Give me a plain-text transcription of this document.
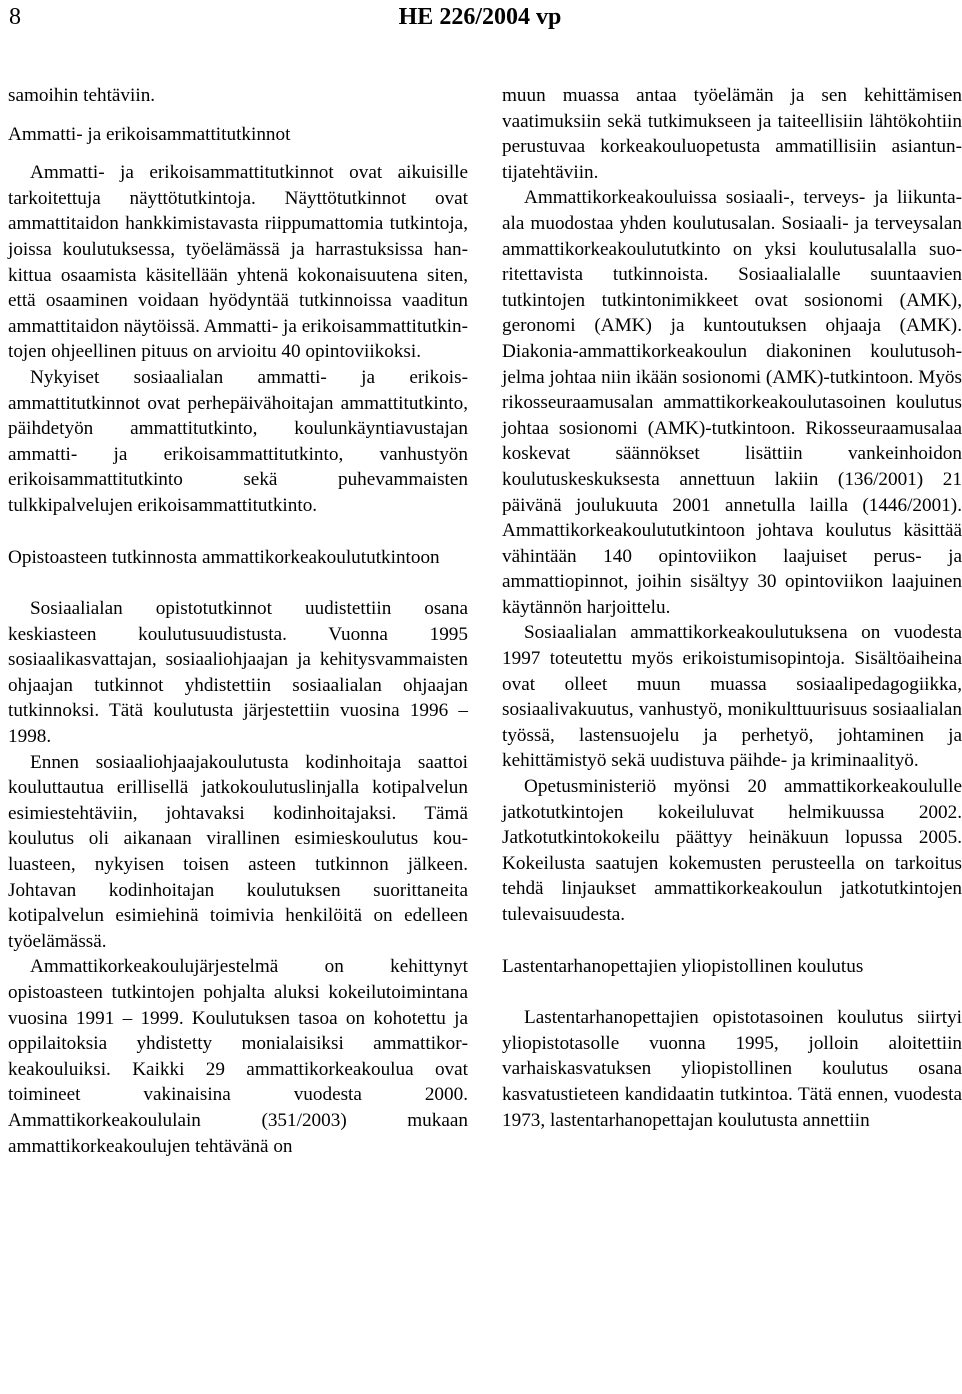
8	HE 226/2004 vp

samoihin tehtäviin.

Ammatti- ja erikoisammattitutkinnot

Ammatti- ja erikoisammattitutkinnot ovat aikuisille tarkoitettuja näyttötutkintoja. Näyttötutkinnot ovat ammattitaidon hankkimistavasta riippumattomia tutkintoja, joissa koulutuksessa, työelämässä ja harrastuksissa hankittua osaamista käsitellään yhtenä kokonaisuutena siten, että osaaminen voidaan hyödyntää tutkinnoissa vaaditun ammattitaidon näytöissä. Ammatti- ja erikoisammattitutkintojen ohjeellinen pituus on arvioitu 40 opintoviikoksi.

Nykyiset sosiaalialan ammatti- ja erikoisammattitutkinnot ovat perhepäivähoitajan ammattitutkinto, päihdetyön ammattitutkinto, koulunkäyntiavustajan ammatti- ja erikoisammattitutkinto, vanhustyön erikoisammattitutkinto sekä puhevammaisten tulkkipalvelujen erikoisammattitutkinto.

Opistoasteen tutkinnosta ammattikorkeakoulututkintoon

Sosiaalialan opistotutkinnot uudistettiin osana keskiasteen koulutusuudistusta. Vuonna 1995 sosiaalikasvattajan, sosiaaliohjaajan ja kehitysvammaisten ohjaajan tutkinnot yhdistettiin sosiaalialan ohjaajan tutkinnoksi. Tätä koulutusta järjestettiin vuosina 1996 – 1998.

Ennen sosiaaliohjaajakoulutusta kodinhoitaja saattoi kouluttautua erillisellä jatkokoulutuslinjalla kotipalvelun esimiestehtäviin, johtavaksi kodinhoitajaksi. Tämä koulutus oli aikanaan virallinen esimieskoulutus kouluasteen, nykyisen toisen asteen tutkinnon jälkeen. Johtavan kodinhoitajan koulutuksen suorittaneita kotipalvelun esimiehinä toimivia henkilöitä on edelleen työelämässä.

Ammattikorkeakoulujärjestelmä on kehittynyt opistoasteen tutkintojen pohjalta aluksi kokeilutoimintana vuosina 1991 – 1999. Koulutuksen tasoa on kohotettu ja oppilaitoksia yhdistetty monialaisiksi ammattikorkeakouluiksi. Kaikki 29 ammattikorkeakoulua ovat toimineet vakinaisina vuodesta 2000. Ammattikorkeakoululain (351/2003) mukaan ammattikorkeakoulujen tehtävänä on

muun muassa antaa työelämän ja sen kehittämisen vaatimuksiin sekä tutkimukseen ja taiteellisiin lähtökohtiin perustuvaa korkeakouluopetusta ammatillisiin asiantuntijatehtäviin.

Ammattikorkeakouluissa sosiaali-, terveys- ja liikunta-ala muodostaa yhden koulutusalan. Sosiaali- ja terveysalan ammattikorkeakoulututkinto on yksi koulutusalalla suoritettavista tutkinnoista. Sosiaalialalle suuntaavien tutkintojen tutkintonimikkeet ovat sosionomi (AMK), geronomi (AMK) ja kuntoutuksen ohjaaja (AMK). Diakonia-ammattikorkeakoulun diakoninen koulutusohjelma johtaa niin ikään sosionomi (AMK)-tutkintoon. Myös rikosseuraamusalan ammattikorkeakoulutasoinen koulutus johtaa sosionomi (AMK)-tutkintoon. Rikosseuraamusalaa koskevat säännökset lisättiin vankeinhoidon koulutuskeskuksesta annettuun lakiin (136/2001) 21 päivänä joulukuuta 2001 annetulla lailla (1446/2001). Ammattikorkeakoulututkintoon johtava koulutus käsittää vähintään 140 opintoviikon laajuiset perus- ja ammattiopinnot, joihin sisältyy 30 opintoviikon laajuinen käytännön harjoittelu.

Sosiaalialan ammattikorkeakoulutuksena on vuodesta 1997 toteutettu myös erikoistumisopintoja. Sisältöaiheina ovat olleet muun muassa sosiaalipedagogiikka, sosiaalivakuutus, vanhustyö, monikulttuurisuus sosiaalialan työssä, lastensuojelu ja perhetyö, johtaminen ja kehittämistyö sekä uudistuva päihde- ja kriminaalityö.

Opetusministeriö myönsi 20 ammattikorkeakoululle jatkotutkintojen kokeiluluvat helmikuussa 2002. Jatkotutkintokokeilu päättyy heinäkuun lopussa 2005. Kokeilusta saatujen kokemusten perusteella on tarkoitus tehdä linjaukset ammattikorkeakoulun jatkotutkintojen tulevaisuudesta.

Lastentarhanopettajien yliopistollinen koulutus

Lastentarhanopettajien opistotasoinen koulutus siirtyi yliopistotasolle vuonna 1995, jolloin aloitettiin varhaiskasvatuksen yliopistollinen koulutus osana kasvatustieteen kandidaatin tutkintoa. Tätä ennen, vuodesta 1973, lastentarhanopettajan koulutusta annettiin
